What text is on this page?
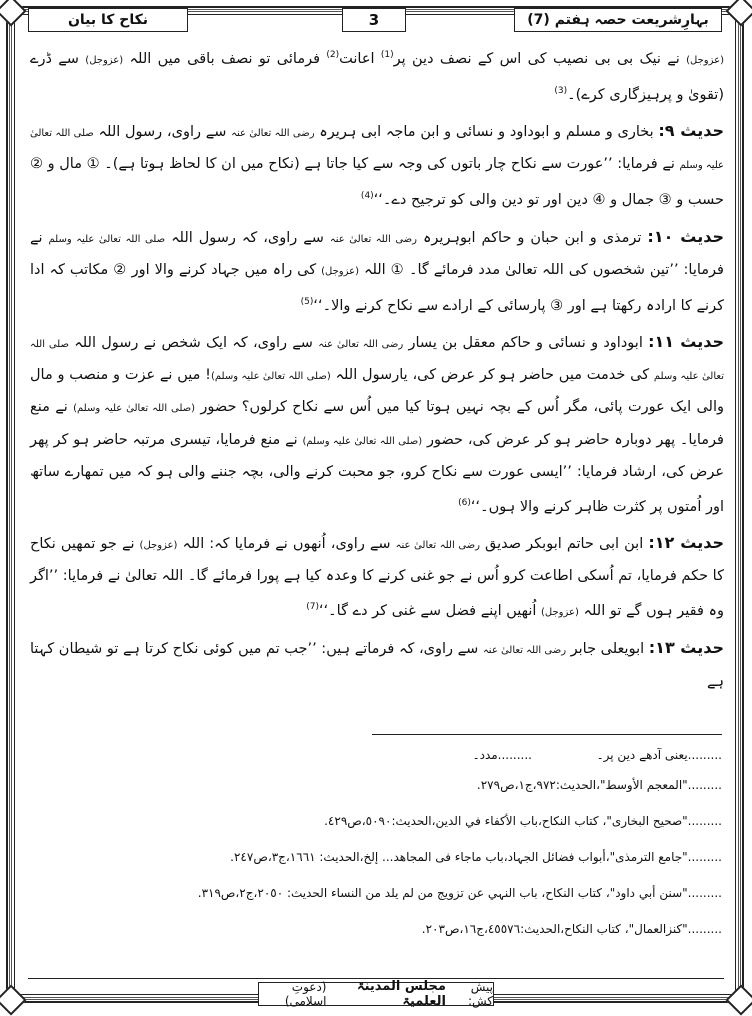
نکاح کا بیان	3	بہارِشریعت حصہ ہفتم (7)

(عزوجل) نے نیک بی بی نصیب کی اس کے نصف دین پر$^{(1)}$ اعانت$^{(2)}$ فرمائی تو نصف باقی میں اللہ (عزوجل) سے ڈرے (تقویٰ و پرہیزگاری کرے)۔$^{(3)}$

حدیث ۹: بخاری و مسلم و ابوداود و نسائی و ابن ماجہ ابی ہریرہ رضی اللہ تعالیٰ عنہ سے راوی، رسول اللہ صلی اللہ تعالیٰ علیہ وسلم نے فرمایا: ’’عورت سے نکاح چار باتوں کی وجہ سے کیا جاتا ہے (نکاح میں ان کا لحاظ ہوتا ہے)۔ ① مال و ② حسب و ③ جمال و ④ دین اور تو دین والی کو ترجیح دے۔‘‘$^{(4)}$

حدیث ۱۰: ترمذی و ابن حبان و حاکم ابوہریرہ رضی اللہ تعالیٰ عنہ سے راوی، کہ رسول اللہ صلی اللہ تعالیٰ علیہ وسلم نے فرمایا: ’’تین شخصوں کی اللہ تعالیٰ مدد فرمائے گا۔ ① اللہ (عزوجل) کی راہ میں جہاد کرنے والا اور ② مکاتب کہ ادا کرنے کا ارادہ رکھتا ہے اور ③ پارسائی کے ارادے سے نکاح کرنے والا۔‘‘$^{(5)}$

حدیث ۱۱: ابوداود و نسائی و حاکم معقل بن یسار رضی اللہ تعالیٰ عنہ سے راوی، کہ ایک شخص نے رسول اللہ صلی اللہ تعالیٰ علیہ وسلم کی خدمت میں حاضر ہو کر عرض کی، یارسول اللہ (صلی اللہ تعالیٰ علیہ وسلم)! میں نے عزت و منصب و مال والی ایک عورت پائی، مگر اُس کے بچہ نہیں ہوتا کیا میں اُس سے نکاح کرلوں؟ حضور (صلی اللہ تعالیٰ علیہ وسلم) نے منع فرمایا۔ پھر دوبارہ حاضر ہو کر عرض کی، حضور (صلی اللہ تعالیٰ علیہ وسلم) نے منع فرمایا، تیسری مرتبہ حاضر ہو کر پھر عرض کی، ارشاد فرمایا: ’’ایسی عورت سے نکاح کرو، جو محبت کرنے والی، بچہ جننے والی ہو کہ میں تمھارے ساتھ اور اُمتوں پر کثرت ظاہر کرنے والا ہوں۔‘‘$^{(6)}$

حدیث ۱۲: ابن ابی حاتم ابوبکر صدیق رضی اللہ تعالیٰ عنہ سے راوی، اُنھوں نے فرمایا کہ: اللہ (عزوجل) نے جو تمھیں نکاح کا حکم فرمایا، تم اُسکی اطاعت کرو اُس نے جو غنی کرنے کا وعدہ کیا ہے پورا فرمائے گا۔ اللہ تعالیٰ نے فرمایا: ’’اگر وہ فقیر ہوں گے تو اللہ (عزوجل) اُنھیں اپنے فضل سے غنی کر دے گا۔‘‘$^{(7)}$

حدیث ۱۳: ابویعلی جابر رضی اللہ تعالیٰ عنہ سے راوی، کہ فرماتے ہیں: ’’جب تم میں کوئی نکاح کرتا ہے تو شیطان کہتا ہے

.........یعنی آدھے دین پر۔
.........مدد۔
........."المعجم الأوسط"،الحدیث:٩٧٢،ج١،ص٢٧٩.
........."صحیح البخاری"، کتاب النکاح،باب الأکفاء في الدین،الحدیث:٥٠٩٠،ص٤٢٩.
........."جامع الترمذی"،أبواب فضائل الجہاد،باب ماجاء فی المجاھد... إلخ،الحدیث: ١٦٦١،ج٣،ص٢٤٧.
........."سنن أبي داود"، کتاب النکاح، باب النہي عن تزویج من لم یلد من النساء الحدیث: ٢٠٥٠،ج٢،ص٣١٩.
........."کنزالعمال"، کتاب النکاح،الحدیث:٤٥٥٧٦،ج١٦،ص٢٠٣.
پیش کش:
مجلس المدینۃ العلمیۃ
(دعوتِ اسلامی)
